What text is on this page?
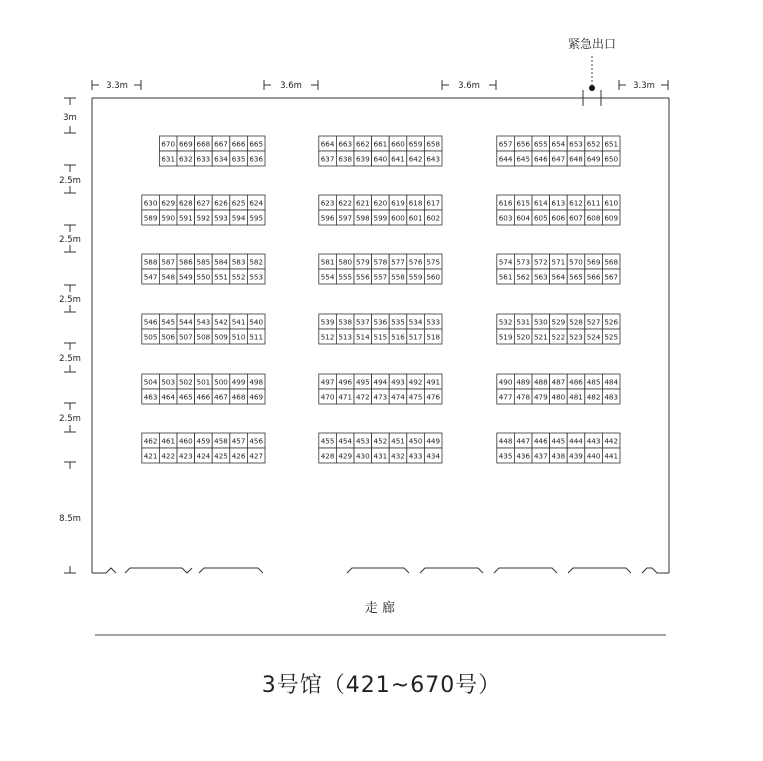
紧急出口
走 廊
3.3m	3.6m	3.6m	3.3m
3m
2.5m
2.5m
2.5m
2.5m
2.5m
8.5m
670 669 668 667 666 665
631 632 633 634 635 636
664 663 662 661 660 659 658
637 638 639 640 641 642 643
657 656 655 654 653 652 651
644 645 646 647 648 649 650
630 629 628 627 626 625 624
589 590 591 592 593 594 595
623 622 621 620 619 618 617
596 597 598 599 600 601 602
616 615 614 613 612 611 610
603 604 605 606 607 608 609
588 587 586 585 584 583 582
547 548 549 550 551 552 553
581 580 579 578 577 576 575
554 555 556 557 558 559 560
574 573 572 571 570 569 568
561 562 563 564 565 566 567
546 545 544 543 542 541 540
505 506 507 508 509 510 511
539 538 537 536 535 534 533
512 513 514 515 516 517 518
532 531 530 529 528 527 526
519 520 521 522 523 524 525
504 503 502 501 500 499 498
463 464 465 466 467 468 469
497 496 495 494 493 492 491
470 471 472 473 474 475 476
490 489 488 487 486 485 484
477 478 479 480 481 482 483
462 461 460 459 458 457 456
421 422 423 424 425 426 427
455 454 453 452 451 450 449
428 429 430 431 432 433 434
448 447 446 445 444 443 442
435 436 437 438 439 440 441
3号馆（421~670号）
